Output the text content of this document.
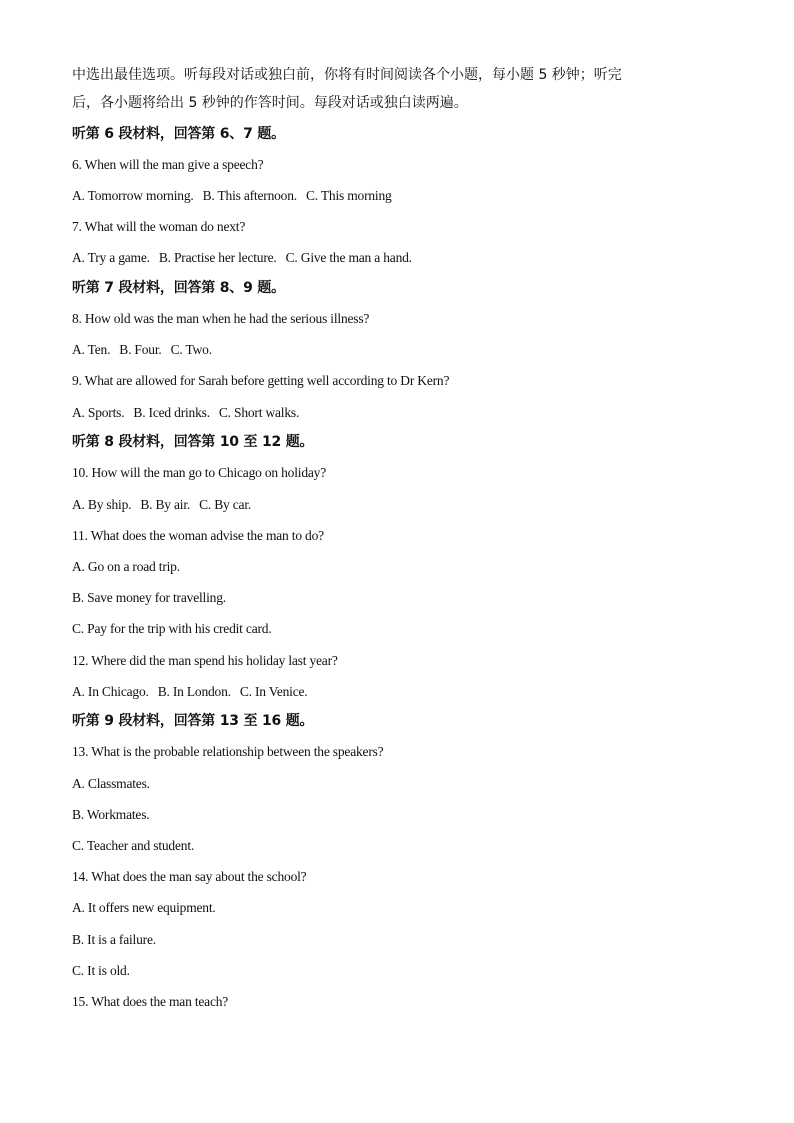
中选出最佳选项。听每段对话或独白前，你将有时间阅读各个小题，每小题 5 秒钟；听完
后，各小题将给出 5 秒钟的作答时间。每段对话或独白读两遍。
听第 6 段材料，回答第 6、7 题。
6. When will the man give a speech?
A. Tomorrow morning. B. This afternoon. C. This morning
7. What will the woman do next?
A. Try a game. B. Practise her lecture. C. Give the man a hand.
听第 7 段材料，回答第 8、9 题。
8. How old was the man when he had the serious illness?
A. Ten. B. Four. C. Two.
9. What are allowed for Sarah before getting well according to Dr Kern?
A. Sports. B. Iced drinks. C. Short walks.
听第 8 段材料，回答第 10 至 12 题。
10. How will the man go to Chicago on holiday?
A. By ship. B. By air. C. By car.
11. What does the woman advise the man to do?
A. Go on a road trip.
B. Save money for travelling.
C. Pay for the trip with his credit card.
12. Where did the man spend his holiday last year?
A. In Chicago. B. In London. C. In Venice.
听第 9 段材料，回答第 13 至 16 题。
13. What is the probable relationship between the speakers?
A. Classmates.
B. Workmates.
C. Teacher and student.
14. What does the man say about the school?
A. It offers new equipment.
B. It is a failure.
C. It is old.
15. What does the man teach?
